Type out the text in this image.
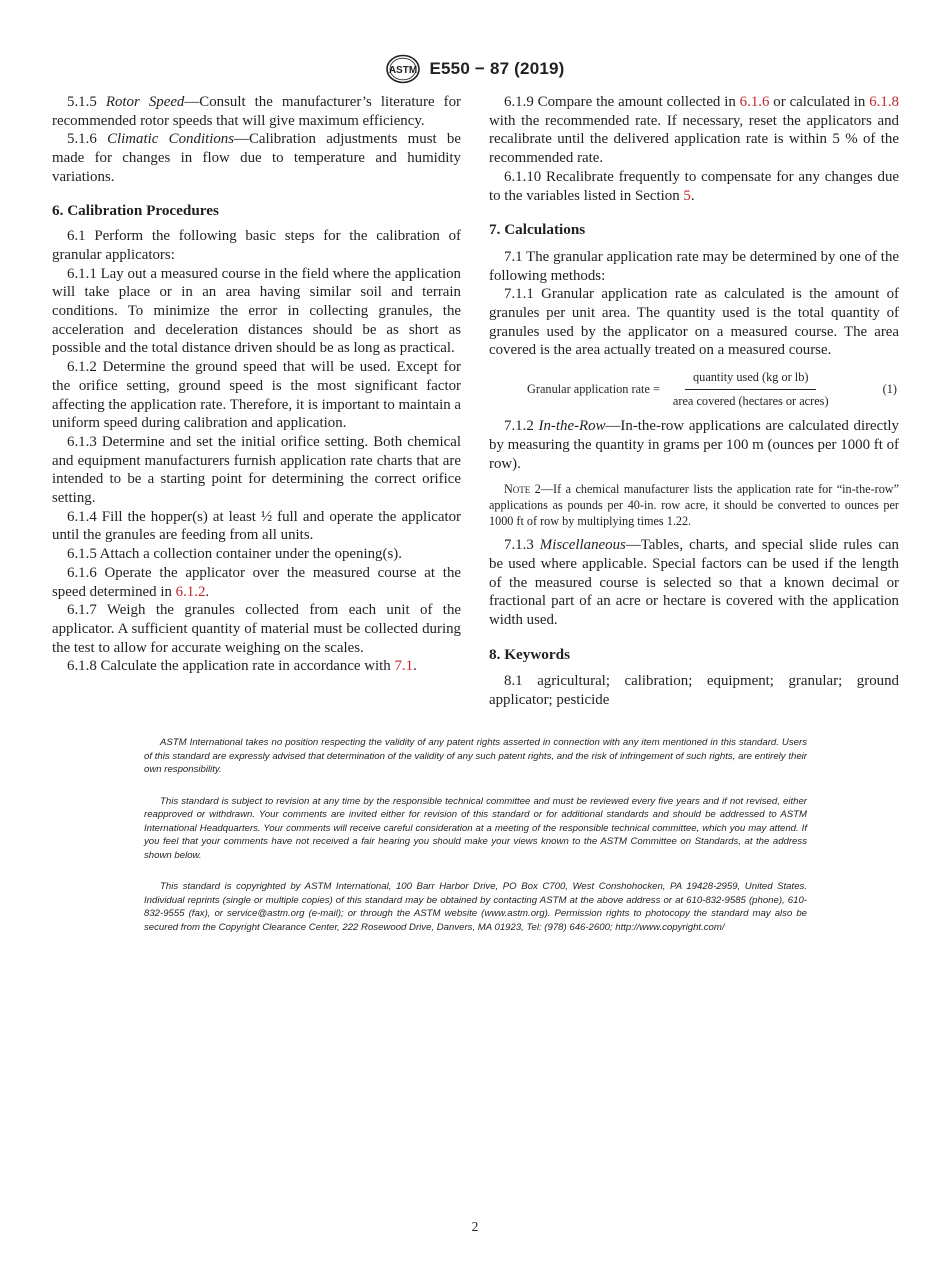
ASTM E550 − 87 (2019)

5.1.5 Rotor Speed—Consult the manufacturer’s literature for recommended rotor speeds that will give maximum efficiency.

5.1.6 Climatic Conditions—Calibration adjustments must be made for changes in flow due to temperature and humidity variations.

6. Calibration Procedures

6.1 Perform the following basic steps for the calibration of granular applicators:

6.1.1 Lay out a measured course in the field where the application will take place or in an area having similar soil and terrain conditions. To minimize the error in collecting granules, the acceleration and deceleration distances should be as short as possible and the total distance driven should be as long as practical.

6.1.2 Determine the ground speed that will be used. Except for the orifice setting, ground speed is the most significant factor affecting the application rate. Therefore, it is important to maintain a uniform speed during calibration and application.

6.1.3 Determine and set the initial orifice setting. Both chemical and equipment manufacturers furnish application rate charts that are intended to be a starting point for determining the correct orifice setting.

6.1.4 Fill the hopper(s) at least ½ full and operate the applicator until the granules are feeding from all units.

6.1.5 Attach a collection container under the opening(s).

6.1.6 Operate the applicator over the measured course at the speed determined in 6.1.2.

6.1.7 Weigh the granules collected from each unit of the applicator. A sufficient quantity of material must be collected during the test to allow for accurate weighing on the scales.

6.1.8 Calculate the application rate in accordance with 7.1.

6.1.9 Compare the amount collected in 6.1.6 or calculated in 6.1.8 with the recommended rate. If necessary, reset the applicators and recalibrate until the delivered application rate is within 5 % of the recommended rate.

6.1.10 Recalibrate frequently to compensate for any changes due to the variables listed in Section 5.

7. Calculations

7.1 The granular application rate may be determined by one of the following methods:

7.1.1 Granular application rate as calculated is the amount of granules per unit area. The quantity used is the total quantity of granules used by the applicator on a measured course. The area covered is the area actually treated on a measured course.

Granular application rate = $\frac{\text{quantity used (kg or lb)}}{\text{area covered (hectares or acres)}}$	(1)

7.1.2 In-the-Row—In-the-row applications are calculated directly by measuring the quantity in grams per 100 m (ounces per 1000 ft of row).

Note 2—If a chemical manufacturer lists the application rate for “in-the-row” applications as pounds per 40-in. row acre, it should be converted to ounces per 1000 ft of row by multiplying times 1.22.

7.1.3 Miscellaneous—Tables, charts, and special slide rules can be used where applicable. Special factors can be used if the length of the measured course is selected so that a known decimal or fractional part of an acre or hectare is covered with the application width used.

8. Keywords

8.1 agricultural; calibration; equipment; granular; ground applicator; pesticide

ASTM International takes no position respecting the validity of any patent rights asserted in connection with any item mentioned in this standard. Users of this standard are expressly advised that determination of the validity of any such patent rights, and the risk of infringement of such rights, are entirely their own responsibility.

This standard is subject to revision at any time by the responsible technical committee and must be reviewed every five years and if not revised, either reapproved or withdrawn. Your comments are invited either for revision of this standard or for additional standards and should be addressed to ASTM International Headquarters. Your comments will receive careful consideration at a meeting of the responsible technical committee, which you may attend. If you feel that your comments have not received a fair hearing you should make your views known to the ASTM Committee on Standards, at the address shown below.

This standard is copyrighted by ASTM International, 100 Barr Harbor Drive, PO Box C700, West Conshohocken, PA 19428-2959, United States. Individual reprints (single or multiple copies) of this standard may be obtained by contacting ASTM at the above address or at 610-832-9585 (phone), 610-832-9555 (fax), or service@astm.org (e-mail); or through the ASTM website (www.astm.org). Permission rights to photocopy the standard may also be secured from the Copyright Clearance Center, 222 Rosewood Drive, Danvers, MA 01923, Tel: (978) 646-2600; http://www.copyright.com/

2
